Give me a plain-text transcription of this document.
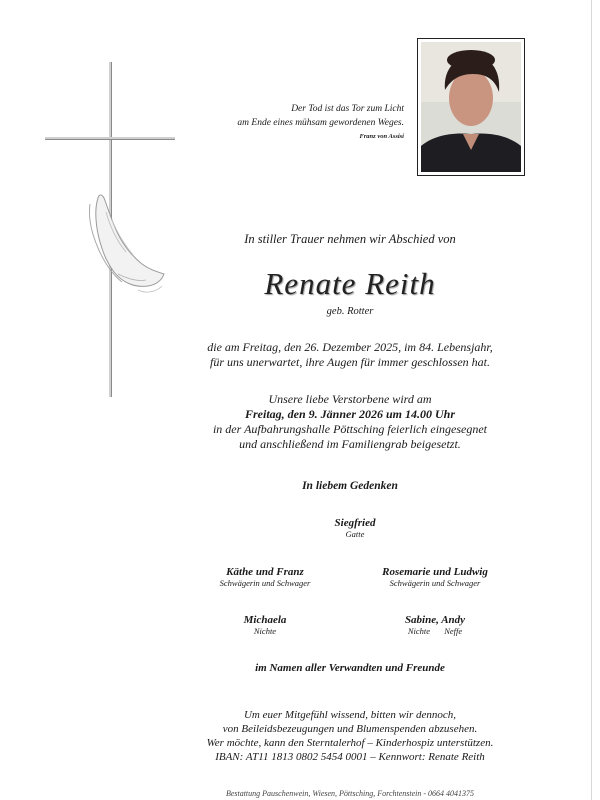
Der Tod ist das Tor zum Licht
am Ende eines mühsam gewordenen Weges.
Franz von Assisi
In stiller Trauer nehmen wir Abschied von
Renate Reith
geb. Rotter
die am Freitag, den 26. Dezember 2025, im 84. Lebensjahr,
für uns unerwartet, ihre Augen für immer geschlossen hat.
Unsere liebe Verstorbene wird am
Freitag, den 9. Jänner 2026 um 14.00 Uhr
in der Aufbahrungshalle Pöttsching feierlich eingesegnet
und anschließend im Familiengrab beigesetzt.
In liebem Gedenken
Siegfried
Gatte
Käthe und Franz
Schwägerin und Schwager
Rosemarie und Ludwig
Schwägerin und Schwager
Michaela
Nichte
Sabine, Andy
Nichte Neffe
im Namen aller Verwandten und Freunde
Um euer Mitgefühl wissend, bitten wir dennoch,
von Beileidsbezeugungen und Blumenspenden abzusehen.
Wer möchte, kann den Sterntalerhof – Kinderhospiz unterstützen.
IBAN: AT11 1813 0802 5454 0001 – Kennwort: Renate Reith
Bestattung Pauschenwein, Wiesen, Pöttsching, Forchtenstein - 0664 4041375
